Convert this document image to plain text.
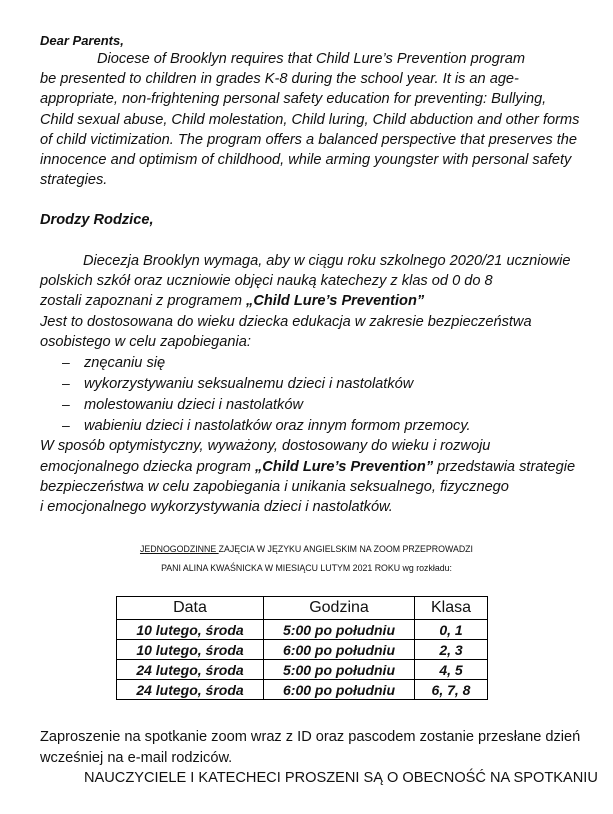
Dear Parents,
Diocese of Brooklyn requires that Child Lure’s Prevention program
be presented to children in grades K-8 during the school year. It is an age-
appropriate, non-frightening personal safety education for preventing: Bullying,
Child sexual abuse, Child molestation, Child luring, Child abduction and other forms
of child victimization. The program offers a balanced perspective that preserves the
innocence and optimism of childhood, while arming youngster with personal safety
strategies.
Drodzy Rodzice,
Diecezja Brooklyn wymaga, aby w ciągu roku szkolnego 2020/21 uczniowie
polskich szkół oraz uczniowie objęci nauką katechezy z klas od 0 do 8
zostali zapoznani z programem „Child Lure’s Prevention”
Jest to dostosowana do wieku dziecka edukacja w zakresie bezpieczeństwa
osobistego w celu zapobiegania:
– znęcaniu się
– wykorzystywaniu seksualnemu dzieci i nastolatków
– molestowaniu dzieci i nastolatków
– wabieniu dzieci i nastolatków oraz innym formom przemocy.
W sposób optymistyczny, wyważony, dostosowany do wieku i rozwoju
emocjonalnego dziecka program „Child Lure’s Prevention” przedstawia strategie
bezpieczeństwa w celu zapobiegania i unikania seksualnego, fizycznego
i emocjonalnego wykorzystywania dzieci i nastolatków.
JEDNOGODZINNE ZAJĘCIA W JĘZYKU ANGIELSKIM NA ZOOM PRZEPROWADZI
PANI ALINA KWAŚNICKA W MIESIĄCU LUTYM 2021 ROKU wg rozkładu:
Data	Godzina	Klasa
10 lutego, środa	5:00 po południu	0, 1
10 lutego, środa	6:00 po południu	2, 3
24 lutego, środa	5:00 po południu	4, 5
24 lutego, środa	6:00 po południu	6, 7, 8
Zaproszenie na spotkanie zoom wraz z ID oraz pascodem zostanie przesłane dzień
wcześniej na e-mail rodziców.
NAUCZYCIELE I KATECHECI PROSZENI SĄ O OBECNOŚĆ NA SPOTKANIU
